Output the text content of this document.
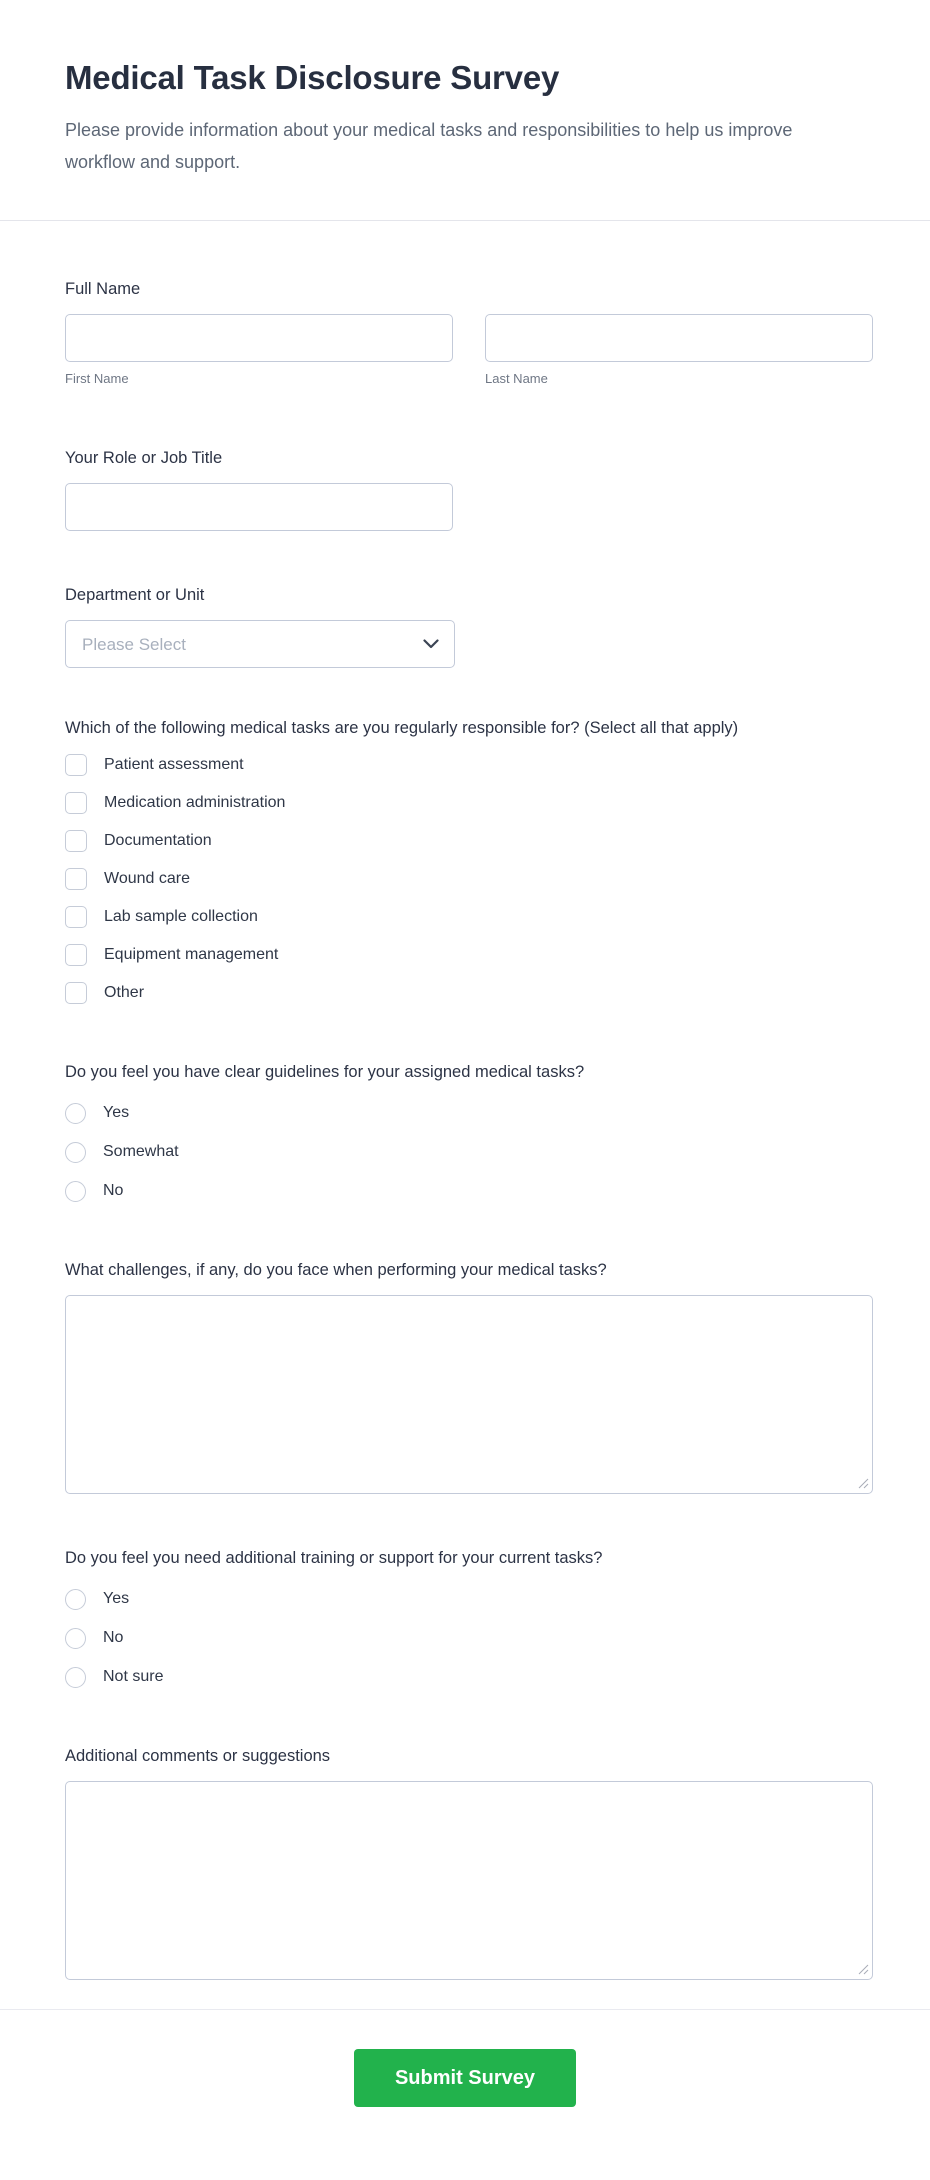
Medical Task Disclosure Survey

Please provide information about your medical tasks and responsibilities to help us improve workflow and support.

Full Name
First Name	Last Name
Your Role or Job Title
Department or Unit
Please Select
Which of the following medical tasks are you regularly responsible for? (Select all that apply)
Patient assessment
Medication administration
Documentation
Wound care
Lab sample collection
Equipment management
Other
Do you feel you have clear guidelines for your assigned medical tasks?
Yes
Somewhat
No
What challenges, if any, do you face when performing your medical tasks?
Do you feel you need additional training or support for your current tasks?
Yes
No
Not sure
Additional comments or suggestions
Submit Survey
